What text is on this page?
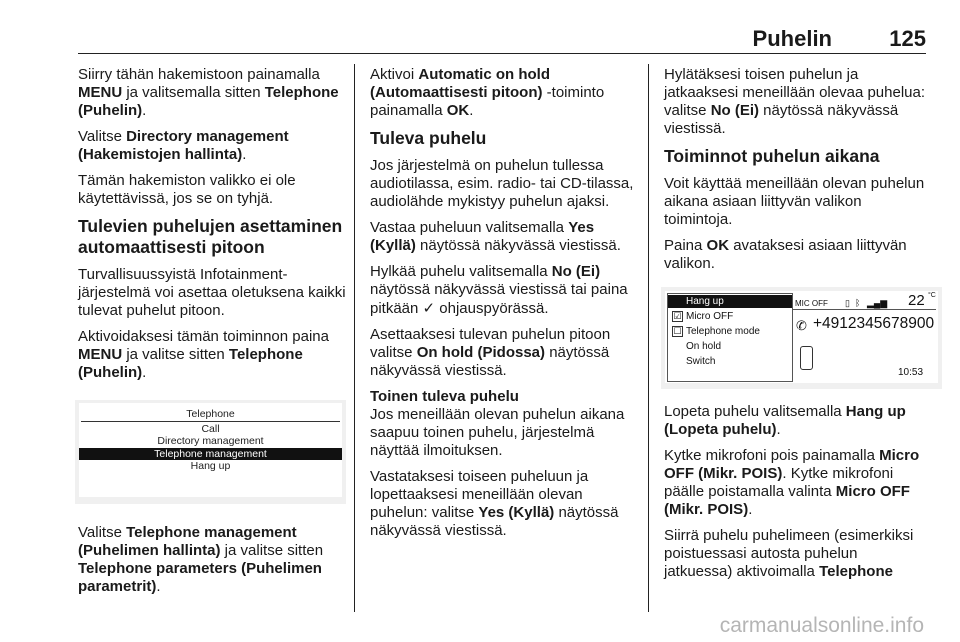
Puhelin	125

Siirry tähän hakemistoon painamalla MENU ja valitsemalla sitten Telephone (Puhelin).

Valitse Directory management (Hakemistojen hallinta).

Tämän hakemiston valikko ei ole käytettävissä, jos se on tyhjä.

Tulevien puhelujen asettaminen automaattisesti pitoon

Turvallisuussyistä Infotainment-järjestelmä voi asettaa oletuksena kaikki tulevat puhelut pitoon.

Aktivoidaksesi tämän toiminnon paina MENU ja valitse sitten Telephone (Puhelin).

Telephone
Call
Directory management
Telephone management
Hang up

Valitse Telephone management (Puhelimen hallinta) ja valitse sitten Telephone parameters (Puhelimen parametrit).

Aktivoi Automatic on hold (Automaattisesti pitoon) -toiminto painamalla OK.

Tuleva puhelu

Jos järjestelmä on puhelun tullessa audiotilassa, esim. radio- tai CD-tilassa, audiolähde mykistyy puhelun ajaksi.

Vastaa puheluun valitsemalla Yes (Kyllä) näytössä näkyvässä viestissä.

Hylkää puhelu valitsemalla No (Ei) näytössä näkyvässä viestissä tai paina pitkään ✓ ohjauspyörässä.

Asettaaksesi tulevan puhelun pitoon valitse On hold (Pidossa) näytössä näkyvässä viestissä.

Toinen tuleva puhelu

Jos meneillään olevan puhelun aikana saapuu toinen puhelu, järjestelmä näyttää ilmoituksen.

Vastataksesi toiseen puheluun ja lopettaaksesi meneillään olevan puhelun: valitse Yes (Kyllä) näytössä näkyvässä viestissä.

Hylätäksesi toisen puhelun ja jatkaaksesi meneillään olevaa puhelua: valitse No (Ei) näytössä näkyvässä viestissä.

Toiminnot puhelun aikana

Voit käyttää meneillään olevan puhelun aikana asiaan liittyvän valikon toimintoja.

Paina OK avataksesi asiaan liittyvän valikon.

Hang up
☑ Micro OFF
☐ Telephone mode
On hold
Switch
MIC OFF ▯ ᛒ ▂▄▆ 22 °C
✆ +4912345678900
10:53

Lopeta puhelu valitsemalla Hang up (Lopeta puhelu).

Kytke mikrofoni pois painamalla Micro OFF (Mikr. POIS). Kytke mikrofoni päälle poistamalla valinta Micro OFF (Mikr. POIS).

Siirrä puhelu puhelimeen (esimerkiksi poistuessasi autosta puhelun jatkuessa) aktivoimalla Telephone

carmanualsonline.info
